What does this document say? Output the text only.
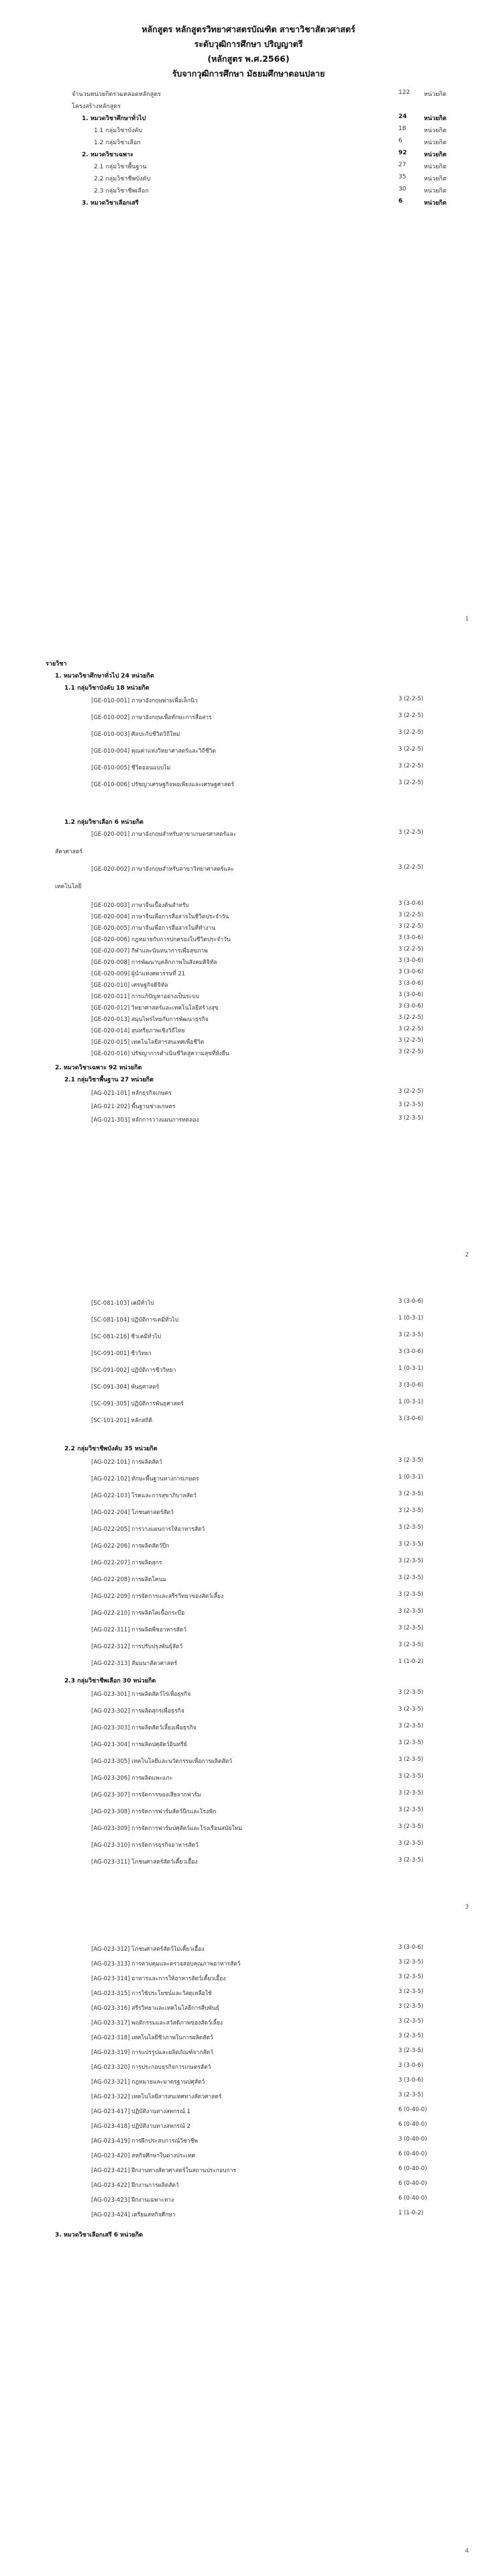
หลักสูตร หลักสูตรวิทยาศาสตรบัณฑิต สาขาวิชาสัตวศาสตร์
ระดับวุฒิการศึกษา ปริญญาตรี
(หลักสูตร พ.ศ.2566)
รับจากวุฒิการศึกษา มัธยมศึกษาตอนปลาย
จำนวนหน่วยกิตรวมตลอดหลักสูตร	122 หน่วยกิต
โครงสร้างหลักสูตร
1. หมวดวิชาศึกษาทั่วไป	24	หน่วยกิต
1.1 กลุ่มวิชาบังคับ	18	หน่วยกิต
1.2 กลุ่มวิชาเลือก	6	หน่วยกิต
2. หมวดวิชาเฉพาะ	92	หน่วยกิต
2.1 กลุ่มวิชาพื้นฐาน	27	หน่วยกิต
2.2 กลุ่มวิชาชีพบังคับ	35	หน่วยกิต
2.3 กลุ่มวิชาชีพเลือก	30	หน่วยกิต
3. หมวดวิชาเลือกเสรี	6	หน่วยกิต
1
รายวิชา
1. หมวดวิชาศึกษาทั่วไป 24 หน่วยกิต
1.1 กลุ่มวิชาบังคับ 18 หน่วยกิต
[GE-010-001] ภาษาอังกฤษพ่ายเพื่อเล็กนิว	3 (2-2-5)
[GE-010-002] ภาษาอังกฤษเพื่อทักษะการสื่อสาร	3 (2-2-5)
[GE-010-003] ศิลปะกับชีวิตวิถีใหม่	3 (2-2-5)
[GE-010-004] คุณค่าแห่งวิทยาศาสตร์และวิถีชีวิต	3 (2-2-5)
[GE-010-005] ชีวิตออนแบบไม่	3 (2-2-5)
[GE-010-006] ปรัชญาเศรษฐกิจพอเพียงและเศรษฐศาสตร์	3 (2-2-5)
1.2 กลุ่มวิชาเลือก 6 หน่วยกิต
[GE-020-001] ภาษาอังกฤษสำหรับสาขาเกษตรศาสตร์และ	3 (2-2-5)
สัตวศาสตร์
[GE-020-002] ภาษาอังกฤษสำหรับสาขาวิทยาศาสตร์และ	3 (2-2-5)
เทคโนโลยี
[GE-020-003] ภาษาจีนเบื้องต้นสำหรับ	3 (3-0-6)
[GE-020-004] ภาษาจีนเพื่อการสื่อสารในชีวิตประจำวัน	3 (2-2-5)
[GE-020-005] ภาษาจีนเพื่อการสื่อสารในที่ทำงาน	3 (2-2-5)
[GE-020-006] กฎหมายกับการปกครองในชีวิตประจำวัน	3 (3-0-6)
[GE-020-007] กีฬาและนันทนาการเพื่อสุขภาพ	3 (2-2-5)
[GE-020-008] การพัฒนาบุคลิกภาพในสังคมดิจิทัล	3 (3-0-6)
[GE-020-009] ผู้นำแห่งศตวรรษที่ 21	3 (3-0-6)
[GE-020-010] เศรษฐกิจดิจิทัล	3 (3-0-6)
[GE-020-011] การแก้ปัญหาอย่างเป็นระบบ	3 (3-0-6)
[GE-020-012] วิทยาศาสตร์และเทคโนโลยีสร้างสุข	3 (3-0-6)
[GE-020-013] สมุนไพรไทยกับการพัฒนาธุรกิจ	3 (2-2-5)
[GE-020-014] สุนทรียภาพเชิงวิถีไทย	3 (2-2-5)
[GE-020-015] เทคโนโลยีสารสนเทศเพื่อชีวิต	3 (2-2-5)
[GE-020-016] ปรัชญาการดำเนินชีวิตสู่ความสุขที่ยั่งยืน	3 (2-2-5)
2. หมวดวิชาเฉพาะ 92 หน่วยกิต
2.1 กลุ่มวิชาพื้นฐาน 27 หน่วยกิต
[AG-021-101] หลักธุรกิจเกษตร	3 (2-2-5)
[AG-021-202] พื้นฐานช่างเกษตร	3 (2-3-5)
[AG-021-303] หลักการวางแผนการทดลอง	3 (2-3-5)
2
[SC-081-103] เคมีทั่วไป	3 (3-0-6)
[SC-081-104] ปฏิบัติการเคมีทั่วไป	1 (0-3-1)
[SC-081-216] ชีวเคมีทั่วไป	3 (2-3-5)
[SC-091-001] ชีววิทยา	3 (3-0-6)
[SC-091-002] ปฏิบัติการชีววิทยา	1 (0-3-1)
[SC-091-304] พันธุศาสตร์	3 (3-0-6)
[SC-091-305] ปฏิบัติการพันธุศาสตร์	1 (0-3-1)
[SC-101-201] หลักสถิติ	3 (3-0-6)
2.2 กลุ่มวิชาชีพบังคับ 35 หน่วยกิต
[AG-022-101] การผลิตสัตว์	3 (2-3-5)
[AG-022-102] ทักษะพื้นฐานทางการเกษตร	1 (0-3-1)
[AG-022-103] โรคและการสุขาภิบาลสัตว์	3 (2-3-5)
[AG-022-204] โภชนศาสตร์สัตว์	3 (2-3-5)
[AG-022-205] การวางแผนการให้อาหารสัตว์	3 (2-3-5)
[AG-022-206] การผลิตสัตว์ปีก	3 (2-3-5)
[AG-022-207] การผลิตสุกร	3 (2-3-5)
[AG-022-208] การผลิตโคนม	3 (2-3-5)
[AG-022-209] การจัดการและสรีรวิทยาของสัตว์เลี้ยง	3 (2-3-5)
[AG-022-210] การผลิตโคเนื้อกระบือ	3 (2-3-5)
[AG-022-311] การผลิตพืชอาหารสัตว์	3 (2-3-5)
[AG-022-312] การปรับปรุงพันธุ์สัตว์	3 (2-3-5)
[AG-022-313] สัมมนาสัตวศาสตร์	1 (1-0-2)
2.3 กลุ่มวิชาชีพเลือก 30 หน่วยกิต
[AG-023-301] การผลิตสัตว์ไร่เพื่อธุรกิจ	3 (2-3-5)
[AG-023-302] การผลิตสุกรเพื่อธุรกิจ	3 (2-3-5)
[AG-023-303] การผลิตสัตว์เลี้ยงเพื่อธุรกิจ	3 (2-3-5)
[AG-023-304] การผลิตปศุสัตว์อินทรีย์	3 (2-3-5)
[AG-023-305] เทคโนโลยีและนวัตกรรมเพื่อการผลิตสัตว์	3 (2-3-5)
[AG-023-306] การผลิตแพะแกะ	3 (2-3-5)
[AG-023-307] การจัดการของเสียจากฟาร์ม	3 (2-3-5)
[AG-023-308] การจัดการฟาร์มสัตว์ปีกและโรงฟัก	3 (2-3-5)
[AG-023-309] การจัดการฟาร์มปศุสัตว์และโรงเรือนสมัยใหม่	3 (2-3-5)
[AG-023-310] การจัดการธุรกิจอาหารสัตว์	3 (2-3-5)
[AG-023-311] โภชนศาสตร์สัตว์เคี้ยวเอื้อง	3 (2-3-5)
3
[AG-023-312] โภชนศาสตร์สัตว์ไม่เคี้ยวเอื้อง	3 (3-0-6)
[AG-023-313] การควบคุมและตรวจสอบคุณภาพอาหารสัตว์	3 (2-3-5)
[AG-023-314] อาหารและการให้อาหารสัตว์เคี้ยวเอื้อง	3 (2-3-5)
[AG-023-315] การใช้ประโยชน์และวัสดุเหลือใช้	3 (2-3-5)
[AG-023-316] สรีรวิทยาและเทคโนโลยีการสืบพันธุ์	3 (2-3-5)
[AG-023-317] พฤติกรรมและสวัสดิภาพของสัตว์เลี้ยง	3 (2-3-5)
[AG-023-318] เทคโนโลยีชีวภาพในการผลิตสัตว์	3 (2-3-5)
[AG-023-319] การแปรรูปและผลิตภัณฑ์จากสัตว์	3 (2-3-5)
[AG-023-320] การประกอบธุรกิจการเกษตรสัตว์	3 (3-0-6)
[AG-023-321] กฎหมายและมาตรฐานปศุสัตว์	3 (3-0-6)
[AG-023-322] เทคโนโลยีสารสนเทศทางสัตวศาสตร์	3 (2-3-5)
[AG-023-417] ปฏิบัติงานทางสหกรณ์ 1	6 (0-40-0)
[AG-023-418] ปฏิบัติงานทางสหกรณ์ 2	6 (0-40-0)
[AG-023-419] การฝึกประสบการณ์วิชาชีพ	3 (0-40-0)
[AG-023-420] สหกิจศึกษาในต่างประเทศ	6 (0-40-0)
[AG-023-421] ฝึกงานทางสัตวศาสตร์ในสถานประกอบการ	6 (0-40-0)
[AG-023-422] ฝึกงานการผลิตสัตว์	6 (0-40-0)
[AG-023-423] ฝึกงานเฉพาะทาง	6 (0-40-0)
[AG-023-424] เตรียมสหกิจศึกษา	1 (1-0-2)
3. หมวดวิชาเลือกเสรี 6 หน่วยกิต
4
